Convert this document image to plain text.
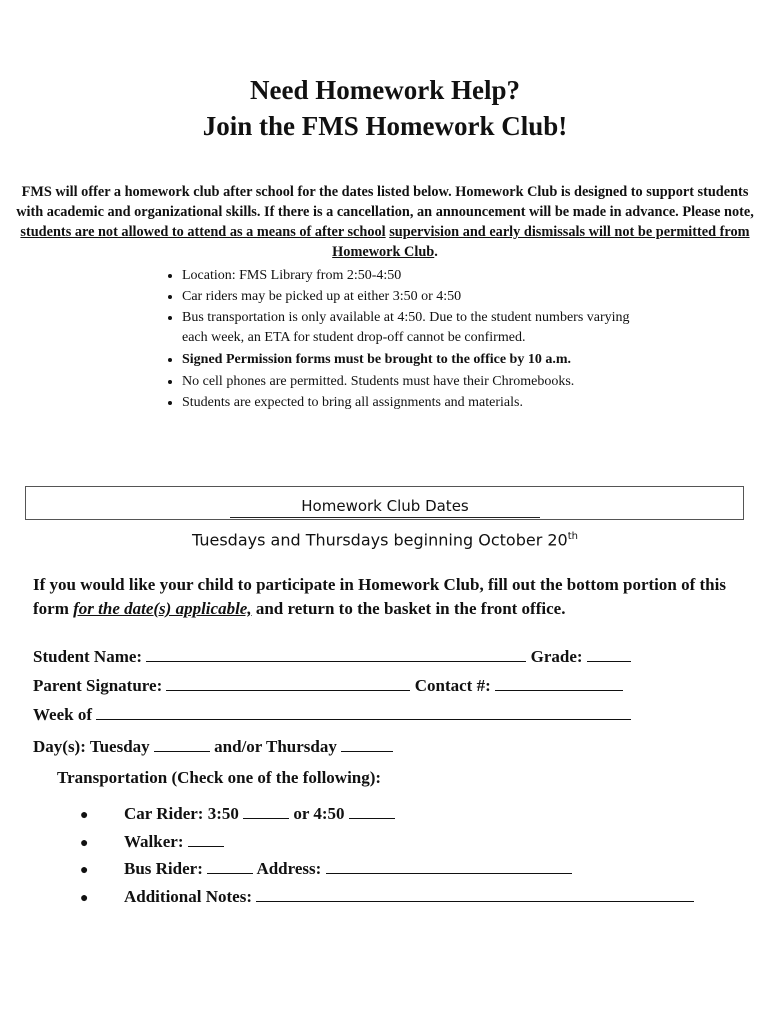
Need Homework Help?
Join the FMS Homework Club!

FMS will offer a homework club after school for the dates listed below. Homework Club is designed to support students with academic and organizational skills. If there is a cancellation, an announcement will be made in advance. Please note, students are not allowed to attend as a means of after school supervision and early dismissals will not be permitted from Homework Club.

• Location: FMS Library from 2:50-4:50
• Car riders may be picked up at either 3:50 or 4:50
• Bus transportation is only available at 4:50. Due to the student numbers varying each week, an ETA for student drop-off cannot be confirmed.
• Signed Permission forms must be brought to the office by 10 a.m.
• No cell phones are permitted. Students must have their Chromebooks.
• Students are expected to bring all assignments and materials.
Homework Club Dates
Tuesdays and Thursdays beginning October 20th

If you would like your child to participate in Homework Club, fill out the bottom portion of this form for the date(s) applicable, and return to the basket in the front office.

Student Name:	Grade:
Parent Signature:	Contact #:
Week of
Day(s): Tuesday	and/or Thursday
Transportation (Check one of the following):
● Car Rider: 3:50	or 4:50
● Walker:
● Bus Rider:	Address:
● Additional Notes:
